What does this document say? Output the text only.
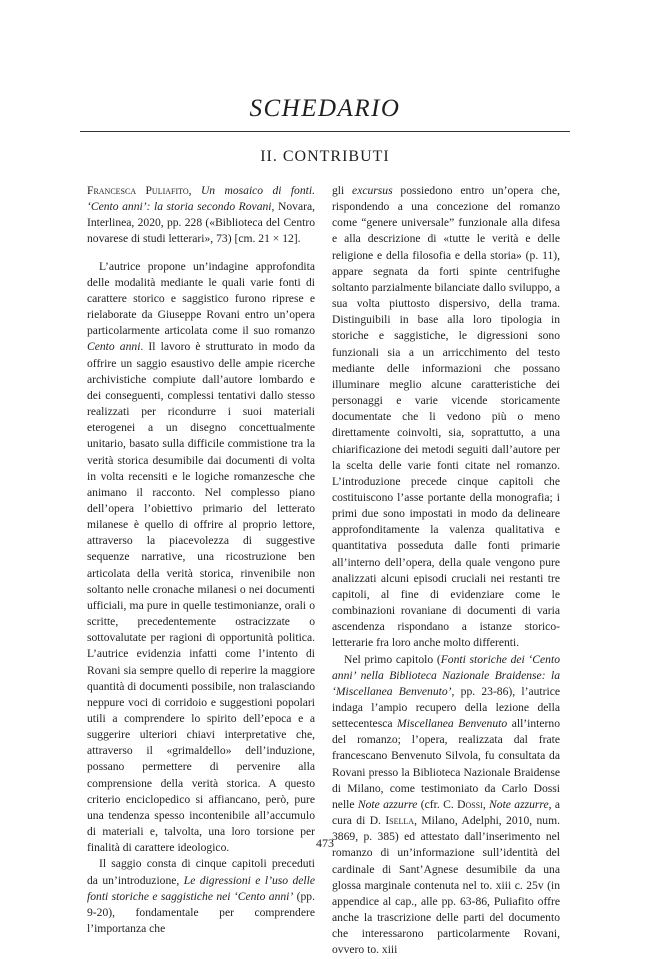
SCHEDARIO
II. CONTRIBUTI

Francesca Puliafito, Un mosaico di fonti. ‘Cento anni’: la storia secondo Rovani, Novara, Interlinea, 2020, pp. 228 («Biblioteca del Centro novarese di studi letterari», 73) [cm. 21 × 12].

L’autrice propone un’indagine approfondita delle modalità mediante le quali varie fonti di carattere storico e saggistico furono riprese e rielaborate da Giuseppe Rovani entro un’opera particolarmente articolata come il suo romanzo Cento anni. Il lavoro è strutturato in modo da offrire un saggio esaustivo delle ampie ricerche archivistiche compiute dall’autore lombardo e dei conseguenti, complessi tentativi dallo stesso realizzati per ricondurre i suoi materiali eterogenei a un disegno concettualmente unitario, basato sulla difficile commistione tra la verità storica desumibile dai documenti di volta in volta recensiti e le logiche romanzesche che animano il racconto. Nel complesso piano dell’opera l’obiettivo primario del letterato milanese è quello di offrire al proprio lettore, attraverso la piacevolezza di suggestive sequenze narrative, una ricostruzione ben articolata della verità storica, rinvenibile non soltanto nelle cronache milanesi o nei documenti ufficiali, ma pure in quelle testimonianze, orali o scritte, precedentemente ostracizzate o sottovalutate per ragioni di opportunità politica. L’autrice evidenzia infatti come l’intento di Rovani sia sempre quello di reperire la maggiore quantità di documenti possibile, non tralasciando neppure voci di corridoio e suggestioni popolari utili a comprendere lo spirito dell’epoca e a suggerire ulteriori chiavi interpretative che, attraverso il «grimaldello» dell’induzione, possano permettere di pervenire alla comprensione della verità storica. A questo criterio enciclopedico si affiancano, però, pure una tendenza spesso incontenibile all’accumulo di materiali e, talvolta, una loro torsione per finalità di carattere ideologico.

Il saggio consta di cinque capitoli preceduti da un’introduzione, Le digressioni e l’uso delle fonti storiche e saggistiche nei ‘Cento anni’ (pp. 9-20), fondamentale per comprendere l’importanza che

gli excursus possiedono entro un’opera che, rispondendo a una concezione del romanzo come “genere universale” funzionale alla difesa e alla descrizione di «tutte le verità e delle religione e della filosofia e della storia» (p. 11), appare segnata da forti spinte centrifughe soltanto parzialmente bilanciate dallo sviluppo, a sua volta piuttosto dispersivo, della trama. Distinguibili in base alla loro tipologia in storiche e saggistiche, le digressioni sono funzionali sia a un arricchimento del testo mediante delle informazioni che possano illuminare meglio alcune caratteristiche dei personaggi e varie vicende storicamente documentate che li vedono più o meno direttamente coinvolti, sia, soprattutto, a una chiarificazione dei metodi seguiti dall’autore per la scelta delle varie fonti citate nel romanzo. L’introduzione precede cinque capitoli che costituiscono l’asse portante della monografia; i primi due sono impostati in modo da delineare approfonditamente la valenza qualitativa e quantitativa posseduta dalle fonti primarie all’interno dell’opera, della quale vengono pure analizzati alcuni episodi cruciali nei restanti tre capitoli, al fine di evidenziare come le combinazioni rovaniane di documenti di varia ascendenza rispondano a istanze storico-letterarie fra loro anche molto differenti.

Nel primo capitolo (Fonti storiche dei ‘Cento anni’ nella Biblioteca Nazionale Braidense: la ‘Miscellanea Benvenuto’, pp. 23-86), l’autrice indaga l’ampio recupero della lezione della settecentesca Miscellanea Benvenuto all’interno del romanzo; l’opera, realizzata dal frate francescano Benvenuto Silvola, fu consultata da Rovani presso la Biblioteca Nazionale Braidense di Milano, come testimoniato da Carlo Dossi nelle Note azzurre (cfr. C. Dossi, Note azzurre, a cura di D. Isella, Milano, Adelphi, 2010, num. 3869, p. 385) ed attestato dall’inserimento nel romanzo di un’informazione sull’identità del cardinale di Sant’Agnese desumibile da una glossa marginale contenuta nel to. xiii c. 25v (in appendice al cap., alle pp. 63-86, Puliafito offre anche la trascrizione delle parti del documento che interessarono particolarmente Rovani, ovvero to. xiii

473
